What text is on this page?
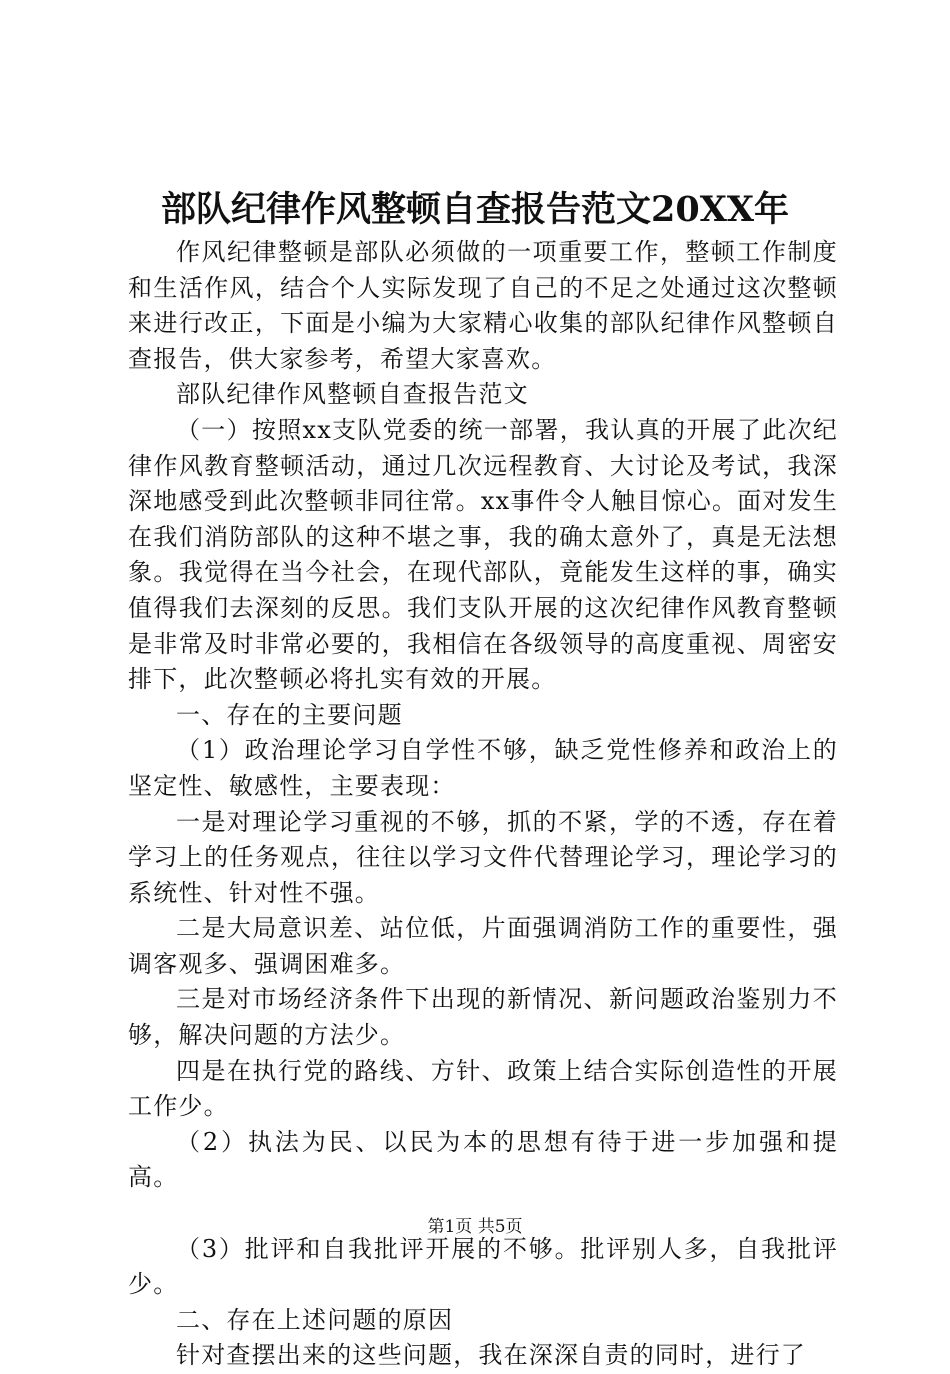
部队纪律作风整顿自查报告范文20XX年

作风纪律整顿是部队必须做的一项重要工作，整顿工作制度和生活作风，结合个人实际发现了自己的不足之处通过这次整顿来进行改正，下面是小编为大家精心收集的部队纪律作风整顿自查报告，供大家参考，希望大家喜欢。

部队纪律作风整顿自查报告范文

（一）按照xx支队党委的统一部署，我认真的开展了此次纪律作风教育整顿活动，通过几次远程教育、大讨论及考试，我深深地感受到此次整顿非同往常。xx事件令人触目惊心。面对发生在我们消防部队的这种不堪之事，我的确太意外了，真是无法想象。我觉得在当今社会，在现代部队，竟能发生这样的事，确实值得我们去深刻的反思。我们支队开展的这次纪律作风教育整顿是非常及时非常必要的，我相信在各级领导的高度重视、周密安排下，此次整顿必将扎实有效的开展。

一、存在的主要问题

（1）政治理论学习自学性不够，缺乏党性修养和政治上的坚定性、敏感性，主要表现：

一是对理论学习重视的不够，抓的不紧，学的不透，存在着学习上的任务观点，往往以学习文件代替理论学习，理论学习的系统性、针对性不强。

二是大局意识差、站位低，片面强调消防工作的重要性，强调客观多、强调困难多。

三是对市场经济条件下出现的新情况、新问题政治鉴别力不够，解决问题的方法少。

四是在执行党的路线、方针、政策上结合实际创造性的开展工作少。

（2）执法为民、以民为本的思想有待于进一步加强和提高。

（3）批评和自我批评开展的不够。批评别人多，自我批评少。

二、存在上述问题的原因

针对查摆出来的这些问题，我在深深自责的同时，进行了

第1页 共5页
